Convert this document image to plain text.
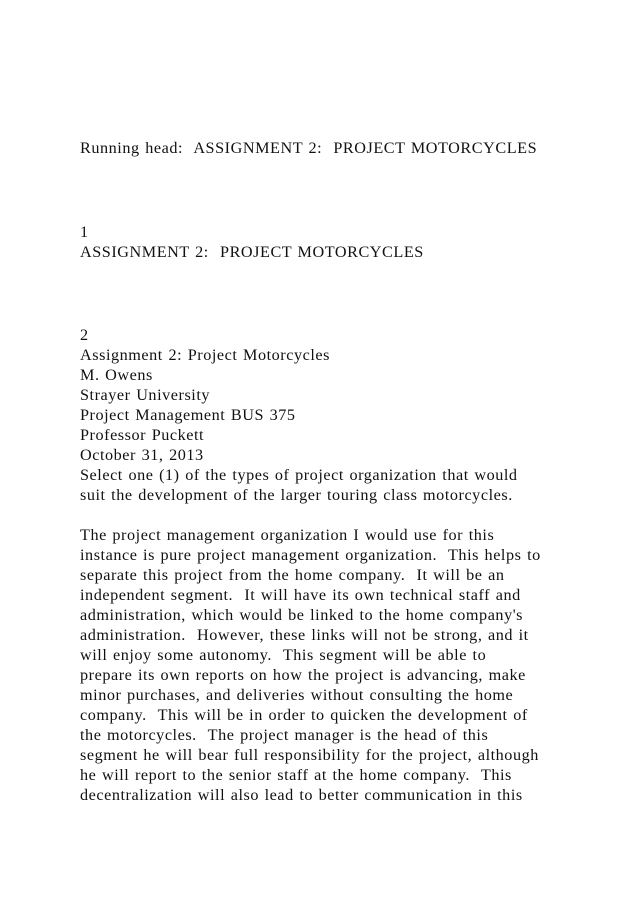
Running head:  ASSIGNMENT 2:  PROJECT MOTORCYCLES
1
ASSIGNMENT 2:  PROJECT MOTORCYCLES
2
Assignment 2: Project Motorcycles
M. Owens
Strayer University
Project Management BUS 375
Professor Puckett
October 31, 2013
Select one (1) of the types of project organization that would
suit the development of the larger touring class motorcycles.
The project management organization I would use for this
instance is pure project management organization.  This helps to
separate this project from the home company.  It will be an
independent segment.  It will have its own technical staff and
administration, which would be linked to the home company's
administration.  However, these links will not be strong, and it
will enjoy some autonomy.  This segment will be able to
prepare its own reports on how the project is advancing, make
minor purchases, and deliveries without consulting the home
company.  This will be in order to quicken the development of
the motorcycles.  The project manager is the head of this
segment he will bear full responsibility for the project, although
he will report to the senior staff at the home company.  This
decentralization will also lead to better communication in this
